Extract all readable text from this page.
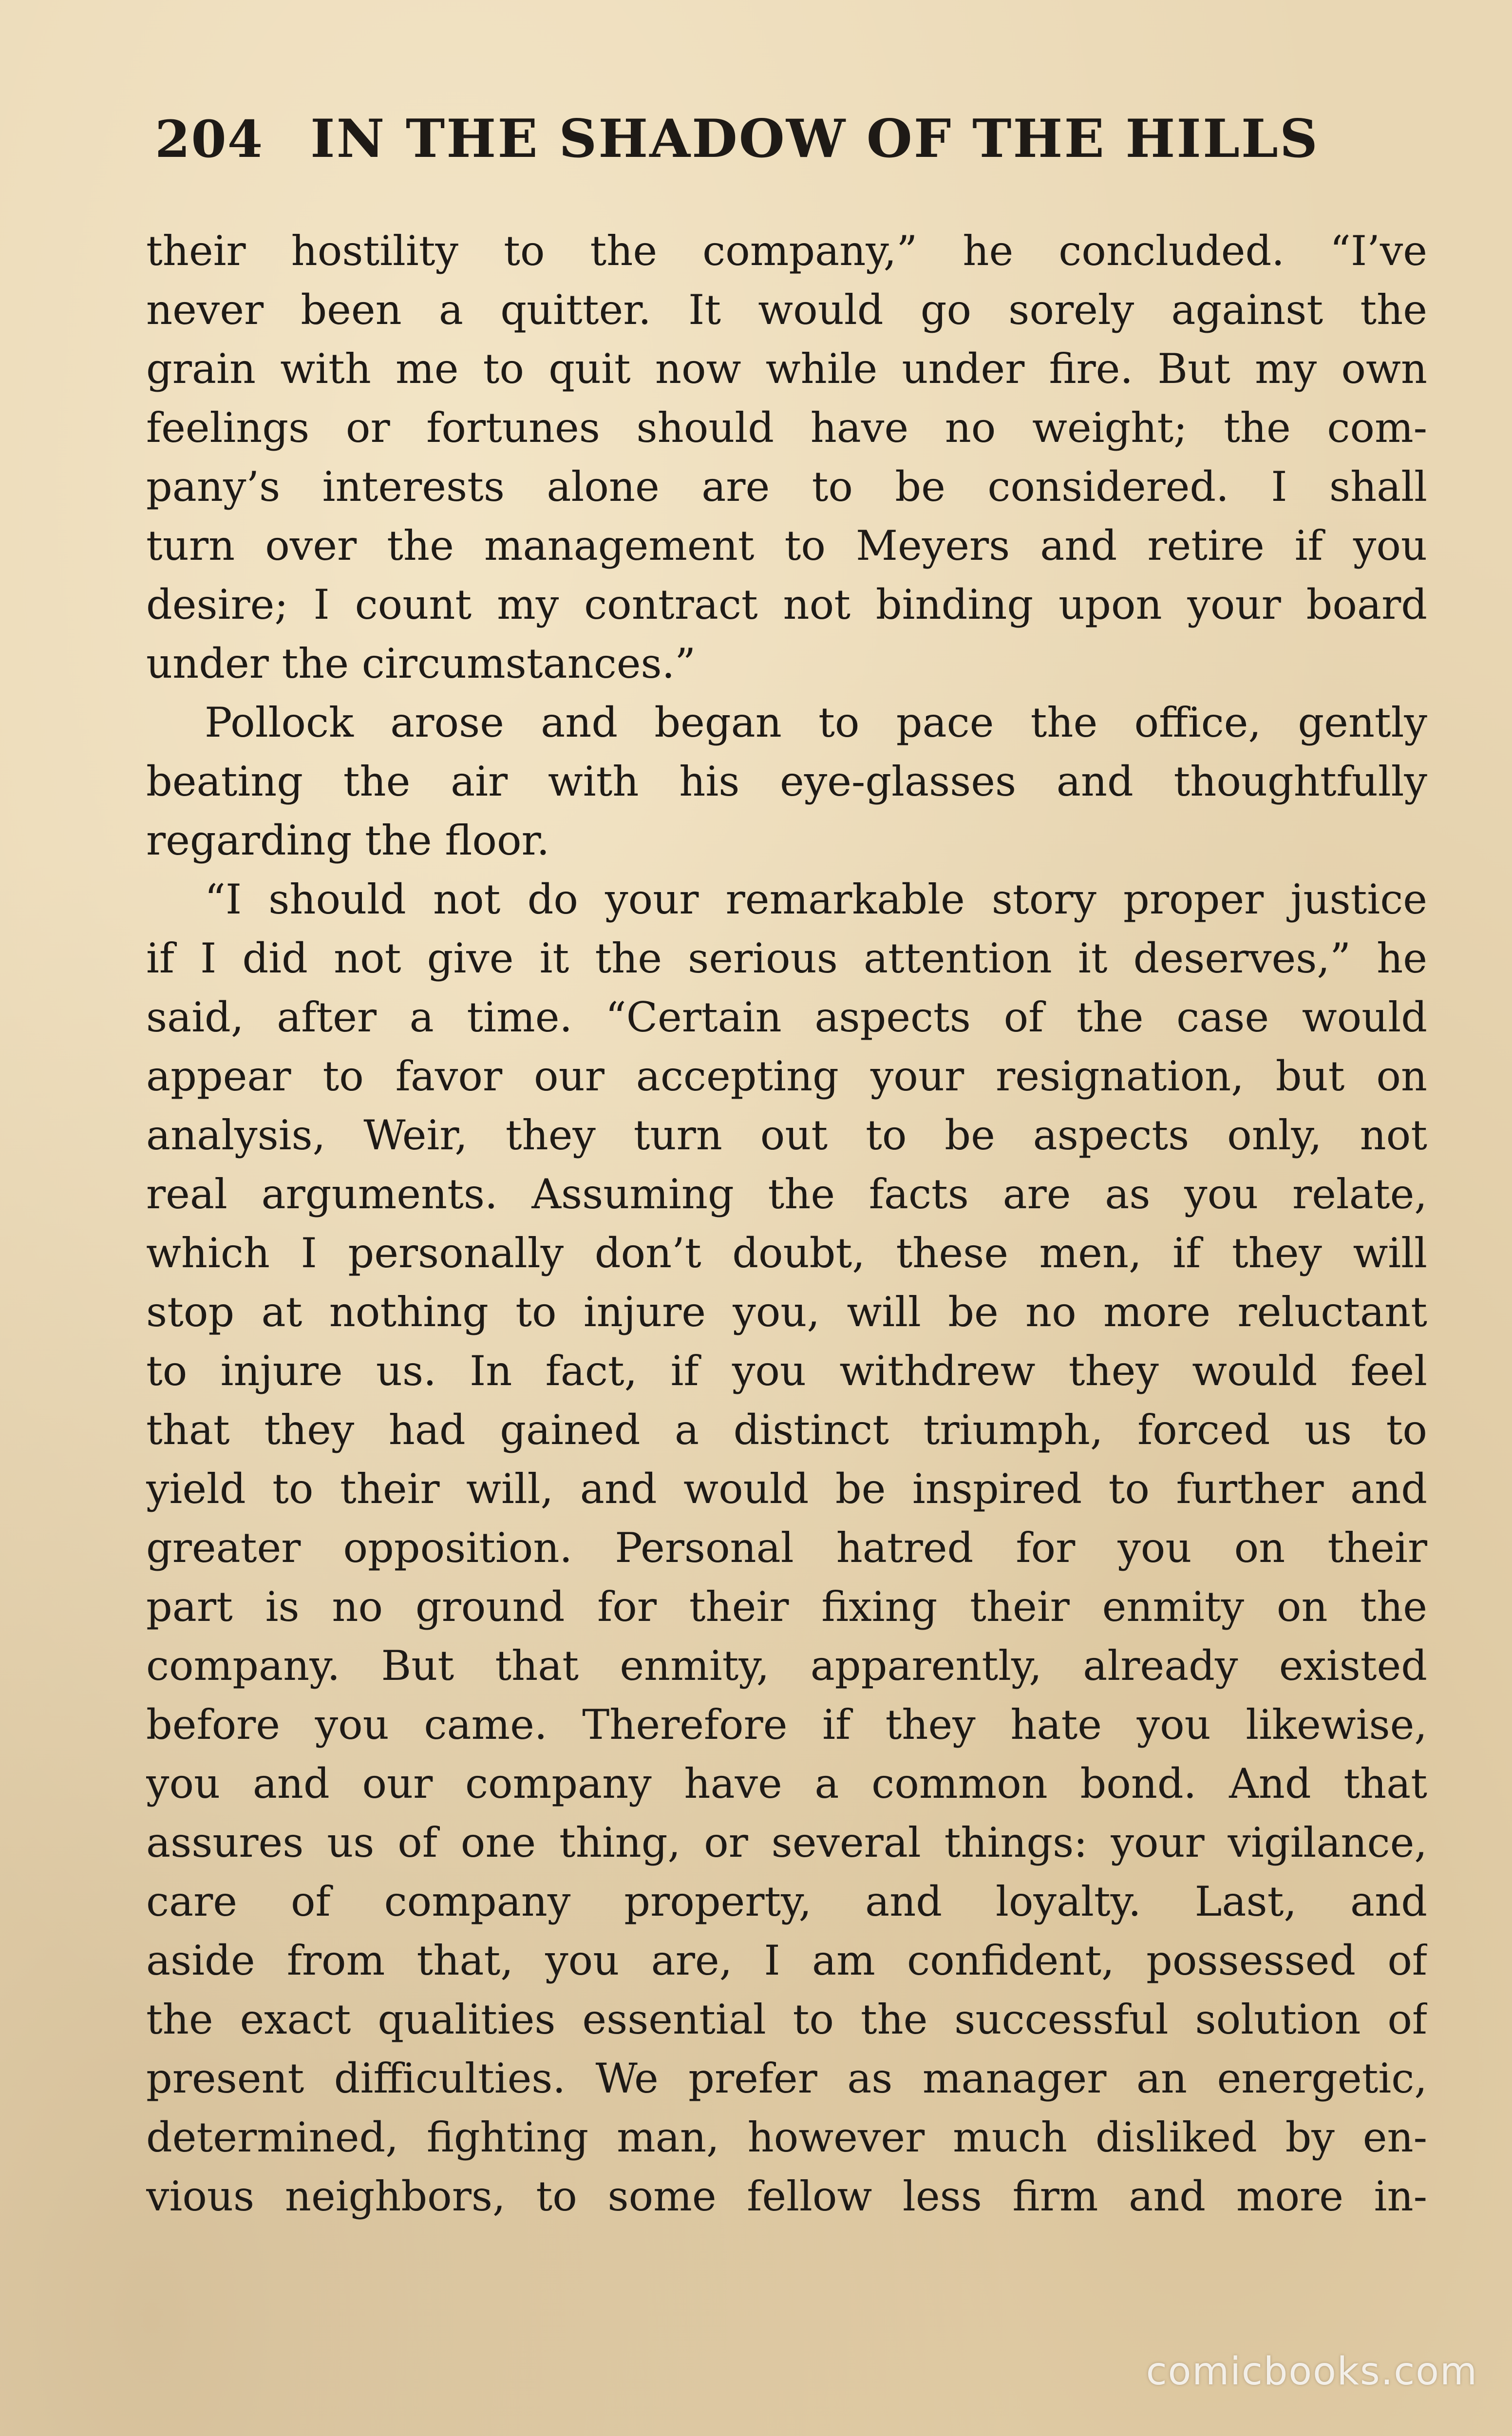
204 IN THE SHADOW OF THE HILLS
their hostility to the company,” he concluded. “I’ve
never been a quitter. It would go sorely against the
grain with me to quit now while under fire. But my own
feelings or fortunes should have no weight; the com-
pany’s interests alone are to be considered. I shall
turn over the management to Meyers and retire if you
desire; I count my contract not binding upon your board
under the circumstances.”
Pollock arose and began to pace the office, gently
beating the air with his eye-glasses and thoughtfully
regarding the floor.
“I should not do your remarkable story proper justice
if I did not give it the serious attention it deserves,” he
said, after a time. “Certain aspects of the case would
appear to favor our accepting your resignation, but on
analysis, Weir, they turn out to be aspects only, not
real arguments. Assuming the facts are as you relate,
which I personally don’t doubt, these men, if they will
stop at nothing to injure you, will be no more reluctant
to injure us. In fact, if you withdrew they would feel
that they had gained a distinct triumph, forced us to
yield to their will, and would be inspired to further and
greater opposition. Personal hatred for you on their
part is no ground for their fixing their enmity on the
company. But that enmity, apparently, already existed
before you came. Therefore if they hate you likewise,
you and our company have a common bond. And that
assures us of one thing, or several things: your vigilance,
care of company property, and loyalty. Last, and
aside from that, you are, I am confident, possessed of
the exact qualities essential to the successful solution of
present difficulties. We prefer as manager an energetic,
determined, fighting man, however much disliked by en-
vious neighbors, to some fellow less firm and more in-
comicbooks.com
